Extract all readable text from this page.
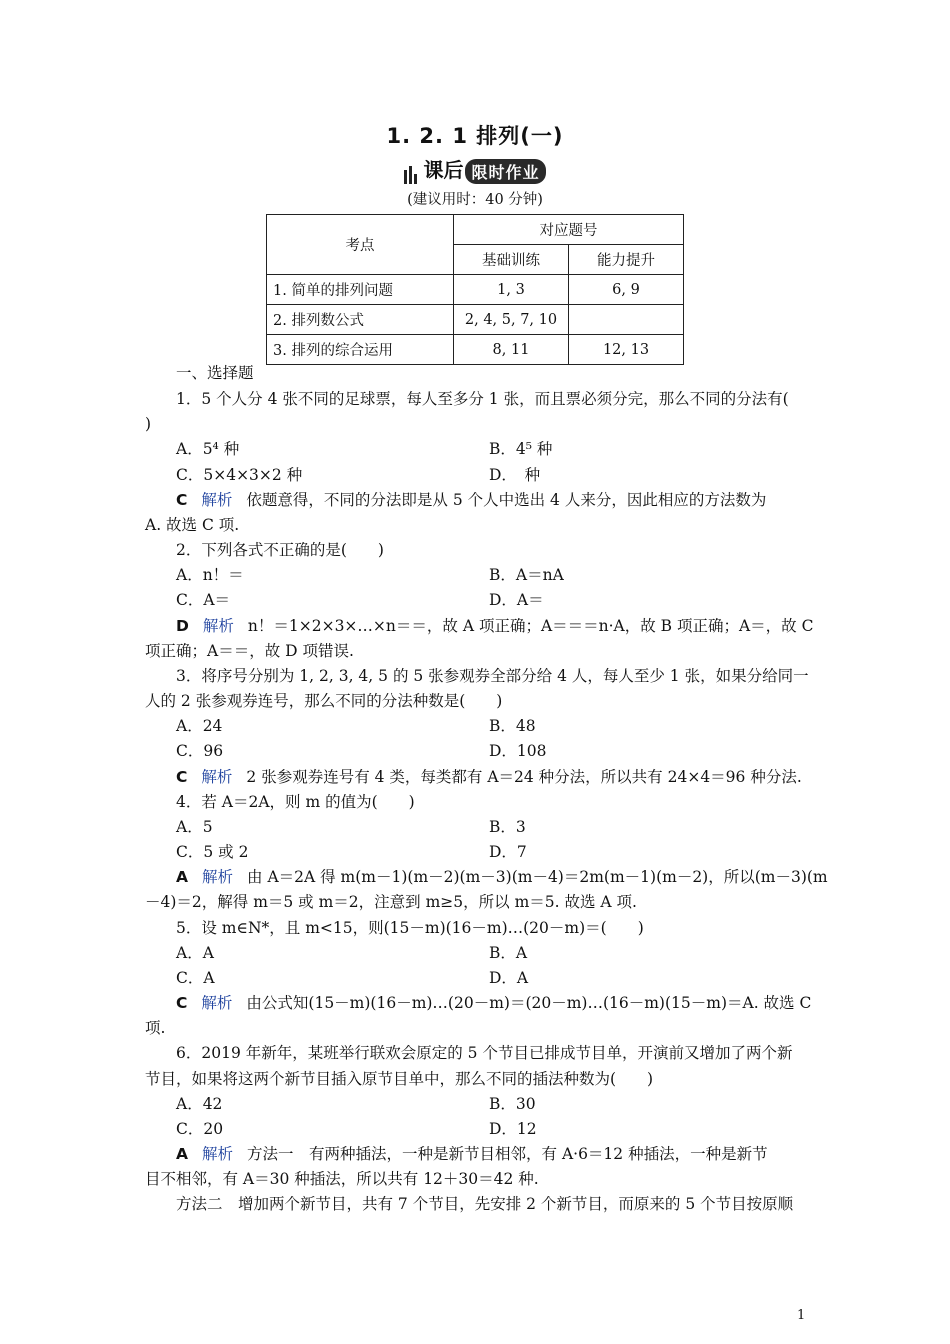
1. 2. 1 排列(一)
课后 限时作业
(建议用时：40 分钟)
考点	对应题号	
	基础训练	能力提升
1. 简单的排列问题	1, 3	6, 9
2. 排列数公式	2, 4, 5, 7, 10	
3. 排列的综合运用	8, 11	12, 13
一、选择题
1．5 个人分 4 张不同的足球票，每人至多分 1 张，而且票必须分完，那么不同的分法有(
)
A．5⁴ 种	B．4⁵ 种
C．5×4×3×2 种	D．　种
C 解析 依题意得，不同的分法即是从 5 个人中选出 4 人来分，因此相应的方法数为
A. 故选 C 项.
2．下列各式不正确的是(　　)
A．n！＝	B．A＝nA
C．A＝	D．A＝
D 解析 n！＝1×2×3×…×n＝＝，故 A 项正确；A＝＝＝n·A，故 B 项正确；A＝，故 C
项正确；A＝＝，故 D 项错误.
3．将序号分别为 1, 2, 3, 4, 5 的 5 张参观券全部分给 4 人，每人至少 1 张，如果分给同一
人的 2 张参观券连号，那么不同的分法种数是(　　)
A．24	B．48
C．96	D．108
C 解析 2 张参观券连号有 4 类，每类都有 A＝24 种分法，所以共有 24×4＝96 种分法.
4．若 A＝2A，则 m 的值为(　　)
A．5	B．3
C．5 或 2	D．7
A 解析 由 A＝2A 得 m(m－1)(m－2)(m－3)(m－4)＝2m(m－1)(m－2)，所以(m－3)(m
－4)＝2，解得 m＝5 或 m＝2，注意到 m≥5，所以 m＝5. 故选 A 项.
5．设 m∈N*，且 m<15，则(15－m)(16－m)…(20－m)＝(　　)
A．A	B．A
C．A	D．A
C 解析 由公式知(15－m)(16－m)…(20－m)＝(20－m)…(16－m)(15－m)＝A. 故选 C
项.
6．2019 年新年，某班举行联欢会原定的 5 个节目已排成节目单，开演前又增加了两个新
节目，如果将这两个新节目插入原节目单中，那么不同的插法种数为(　　)
A．42	B．30
C．20	D．12
A 解析 方法一　有两种插法，一种是新节目相邻，有 A·6＝12 种插法，一种是新节
目不相邻，有 A＝30 种插法，所以共有 12＋30＝42 种.
方法二　增加两个新节目，共有 7 个节目，先安排 2 个新节目，而原来的 5 个节目按原顺
1
